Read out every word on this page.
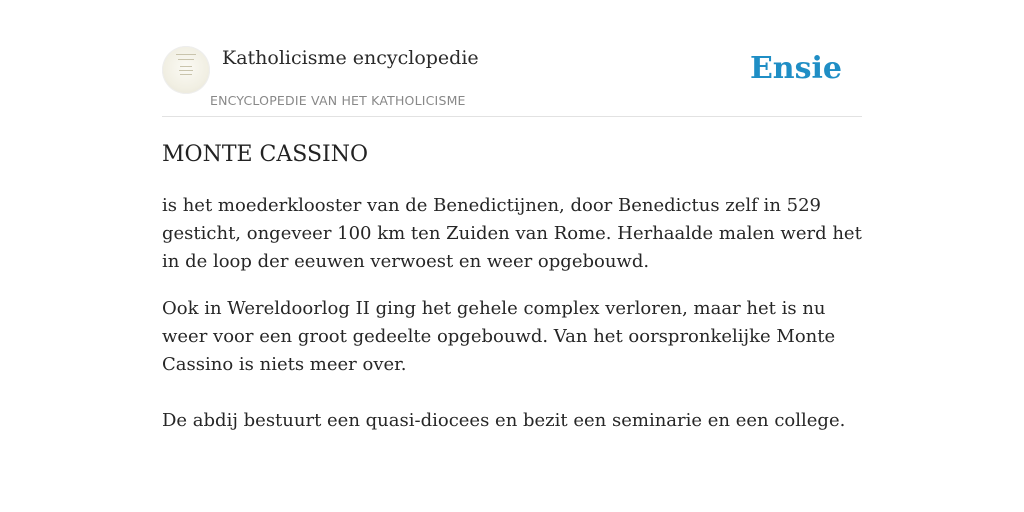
Katholicisme encyclopedie
ENCYCLOPEDIE VAN HET KATHOLICISME
Ensie
MONTE CASSINO

is het moederklooster van de Benedictijnen, door Benedictus zelf in 529 gesticht, ongeveer 100 km ten Zuiden van Rome. Herhaalde malen werd het in de loop der eeuwen verwoest en weer opgebouwd.

Ook in Wereldoorlog II ging het gehele complex verloren, maar het is nu weer voor een groot gedeelte opgebouwd. Van het oorspronkelijke Monte Cassino is niets meer over.

De abdij bestuurt een quasi-diocees en bezit een seminarie en een college.
